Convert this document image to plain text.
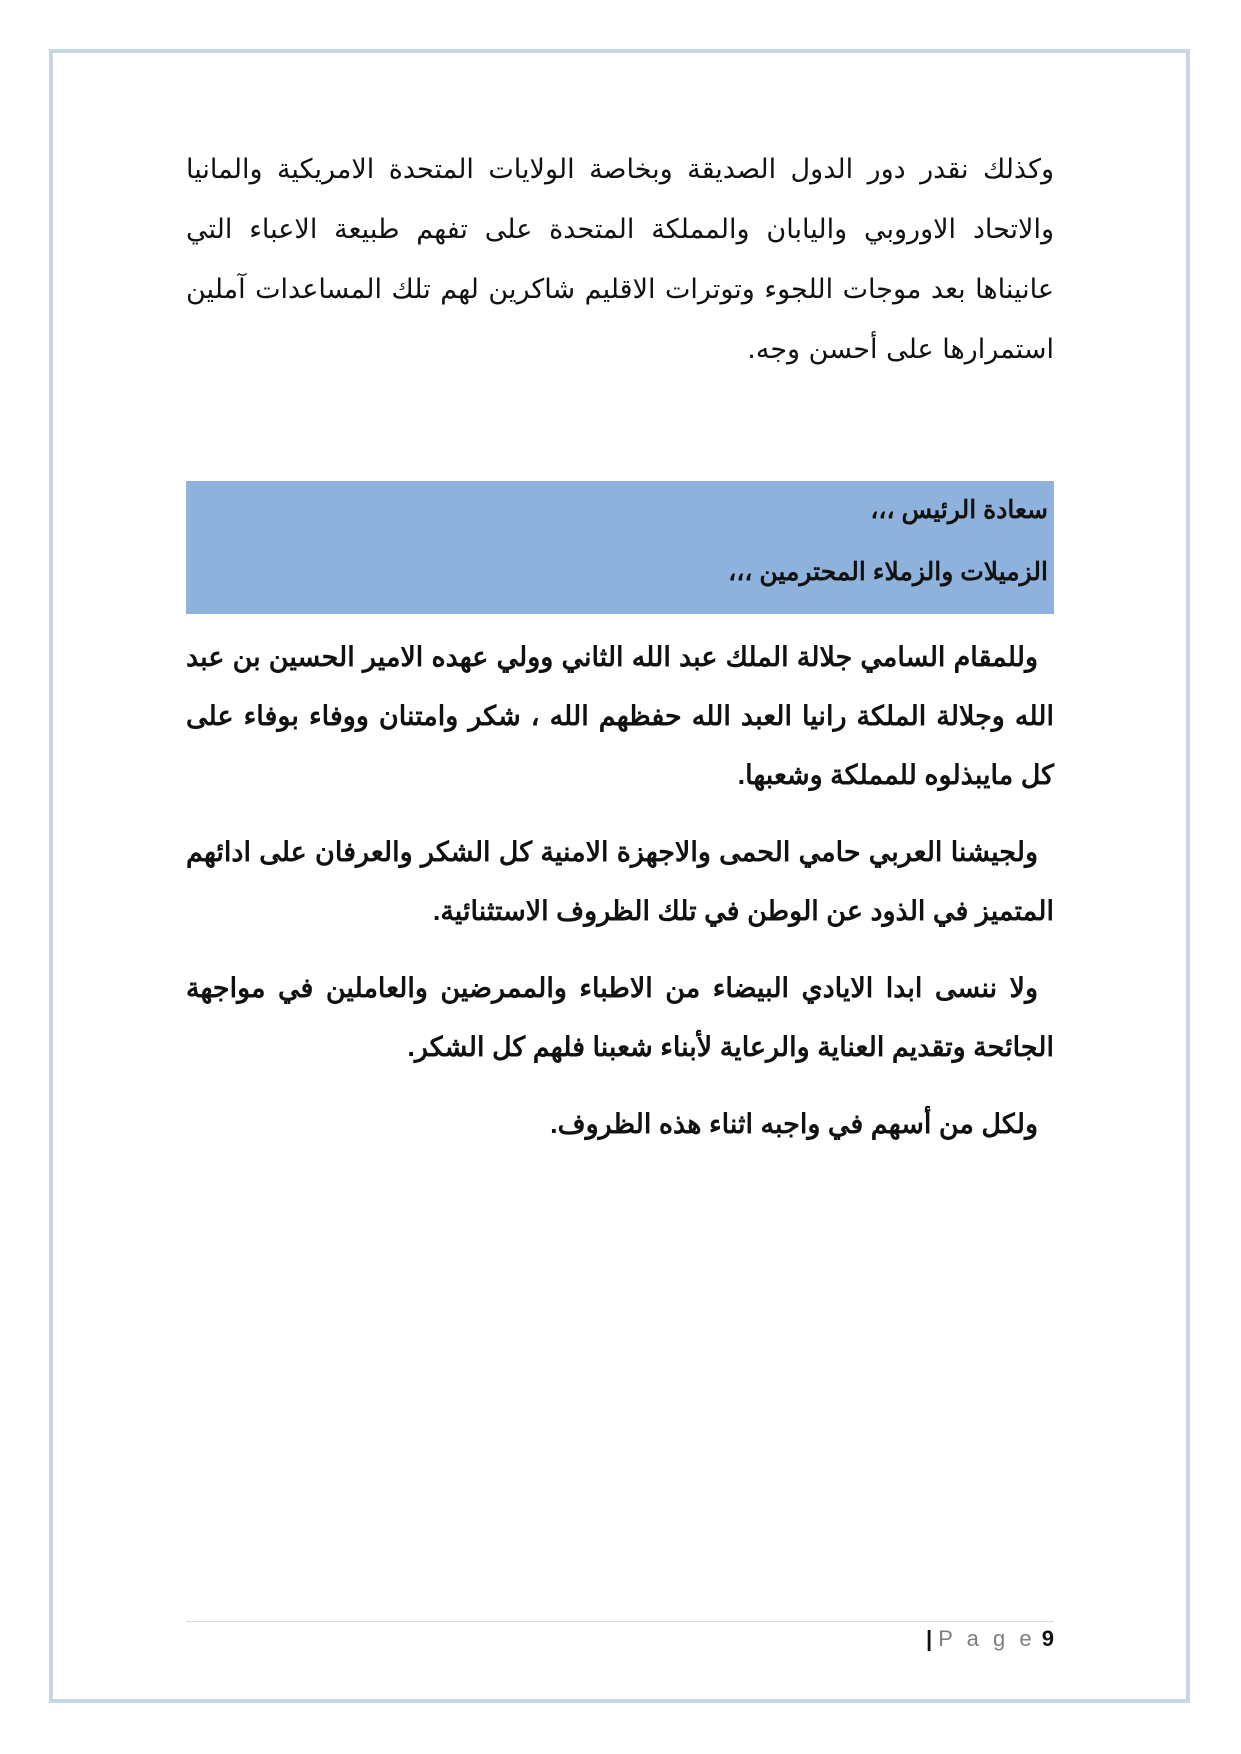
وكذلك نقدر دور الدول الصديقة وبخاصة الولايات المتحدة الامريكية والمانيا والاتحاد الاوروبي واليابان والمملكة المتحدة على تفهم طبيعة الاعباء التي عانيناها بعد موجات اللجوء وتوترات الاقليم شاكرين لهم تلك المساعدات آملين استمرارها على أحسن وجه.

سعادة الرئيس ،،،
الزميلات والزملاء المحترمين ،،،

وللمقام السامي جلالة الملك عبد الله الثاني وولي عهده الامير الحسين بن عبد الله وجلالة الملكة رانيا العبد الله حفظهم الله ، شكر وامتنان ووفاء بوفاء على كل مايبذلوه للمملكة وشعبها.

ولجيشنا العربي حامي الحمى والاجهزة الامنية كل الشكر والعرفان على ادائهم المتميز في الذود عن الوطن في تلك الظروف الاستثنائية.

ولا ننسى ابدا الايادي البيضاء من الاطباء والممرضين والعاملين في مواجهة الجائحة وتقديم العناية والرعاية لأبناء شعبنا فلهم كل الشكر.

ولكل من أسهم في واجبه اثناء هذه الظروف.

| P a g e 9
